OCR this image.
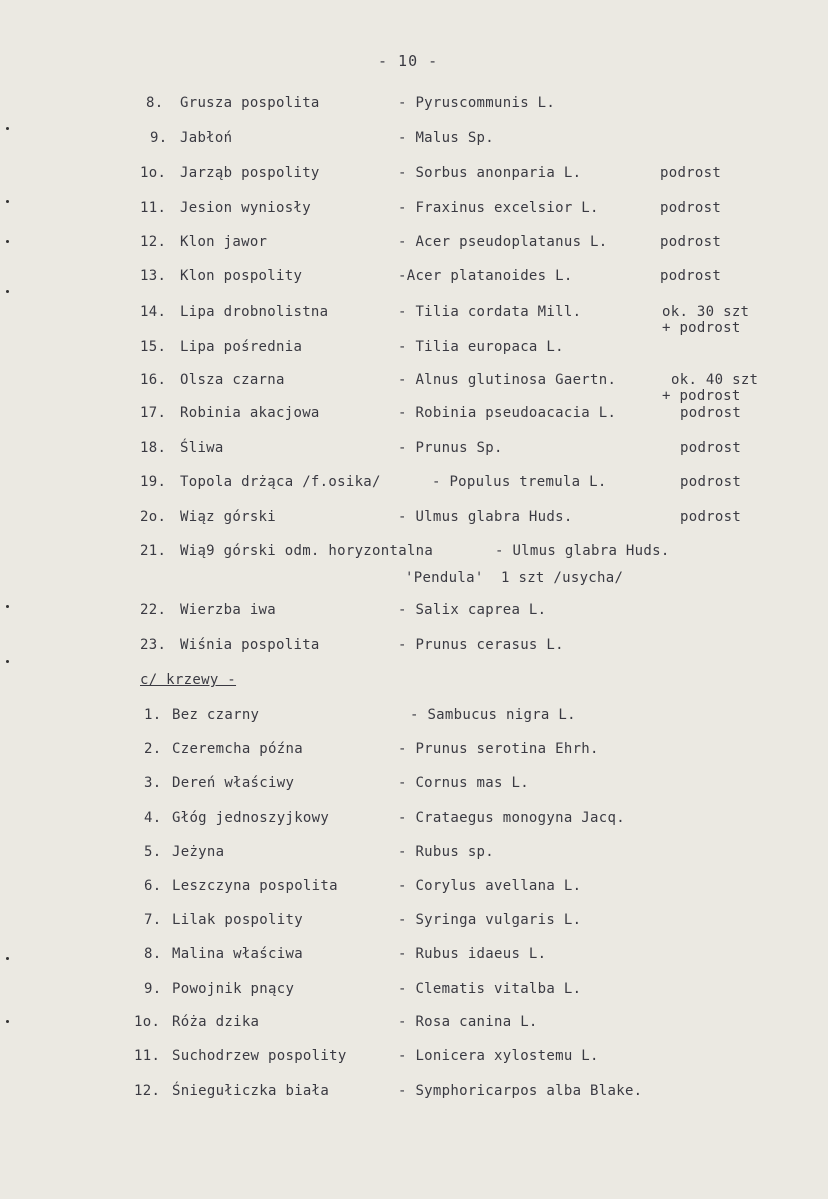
- 10 -
8. Grusza pospolita	- Pyruscommunis L.
9. Jabłoń	- Malus Sp.
1o. Jarząb pospolity	- Sorbus anonparia L.	podrost
11. Jesion wyniosły	- Fraxinus excelsior L.	podrost
12. Klon jawor	- Acer pseudoplatanus L.	podrost
13. Klon pospolity	-Acer platanoides L.	podrost
14. Lipa drobnolistna	- Tilia cordata Mill.	ok. 30 szt
+ podrost
15. Lipa pośrednia	- Tilia europaca L.
16. Olsza czarna	- Alnus glutinosa Gaertn.	ok. 40 szt
+ podrost
17. Robinia akacjowa	- Robinia pseudoacacia L.	podrost
18. Śliwa	- Prunus Sp.	podrost
19. Topola drżąca /f.osika/	- Populus tremula L.	podrost
2o. Wiąz górski	- Ulmus glabra Huds.	podrost
21. Wią9 górski odm. horyzontalna	- Ulmus glabra Huds.
'Pendula'  1 szt /usycha/
22. Wierzba iwa	- Salix caprea L.
23. Wiśnia pospolita	- Prunus cerasus L.
c/ krzewy -
1. Bez czarny	- Sambucus nigra L.
2. Czeremcha późna	- Prunus serotina Ehrh.
3. Dereń właściwy	- Cornus mas L.
4. Głóg jednoszyjkowy	- Crataegus monogyna Jacq.
5. Jeżyna	- Rubus sp.
6. Leszczyna pospolita	- Corylus avellana L.
7. Lilak pospolity	- Syringa vulgaris L.
8. Malina właściwa	- Rubus idaeus L.
9. Powojnik pnący	- Clematis vitalba L.
1o. Róża dzika	- Rosa canina L.
11. Suchodrzew pospolity	- Lonicera xylostemu L.
12. Śniegułiczka biała	- Symphoricarpos alba Blake.
